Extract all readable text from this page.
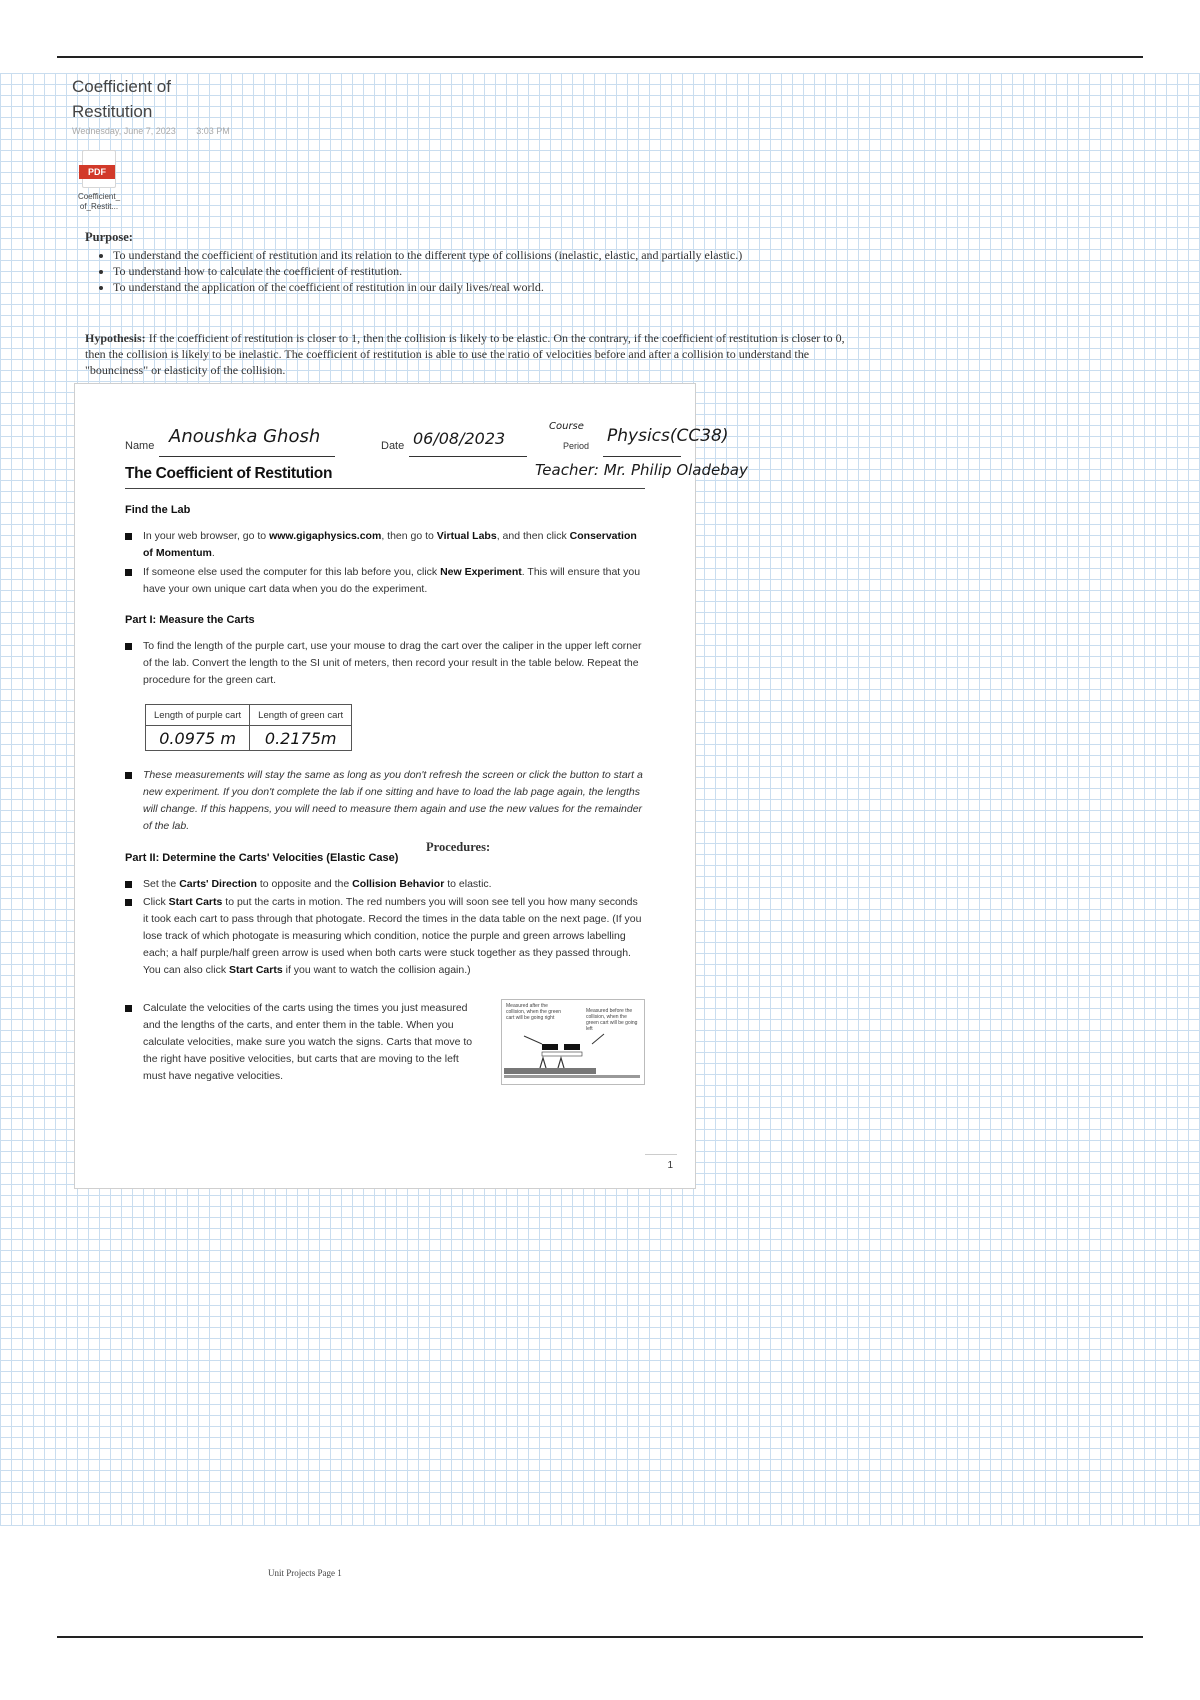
Coefficient of
Restitution
Wednesday, June 7, 2023 3:03 PM
PDF
Coefficient_
of_Restit...
Purpose:
• To understand the coefficient of restitution and its relation to the different type of collisions (inelastic, elastic, and partially elastic.)
• To understand how to calculate the coefficient of restitution.
• To understand the application of the coefficient of restitution in our daily lives/real world.
Hypothesis: If the coefficient of restitution is closer to 1, then the collision is likely to be elastic. On the contrary, if the coefficient of restitution is closer to 0, then the collision is likely to be inelastic. The coefficient of restitution is able to use the ratio of velocities before and after a collision to understand the "bounciness" or elasticity of the collision.
Name Anoushka Ghosh	Date 06/08/2023
Course
Period Physics(CC38)
The Coefficient of Restitution	Teacher: Mr. Philip Oladebay
Find the Lab
In your web browser, go to www.gigaphysics.com, then go to Virtual Labs, and then click Conservation of Momentum.
If someone else used the computer for this lab before you, click New Experiment. This will ensure that you have your own unique cart data when you do the experiment.
Part I: Measure the Carts
To find the length of the purple cart, use your mouse to drag the cart over the caliper in the upper left corner of the lab. Convert the length to the SI unit of meters, then record your result in the table below. Repeat the procedure for the green cart.
Length of purple cart	Length of green cart
0.0975 m	0.2175m
These measurements will stay the same as long as you don't refresh the screen or click the button to start a new experiment. If you don't complete the lab if one sitting and have to load the lab page again, the lengths will change. If this happens, you will need to measure them again and use the new values for the remainder of the lab.
Part II: Determine the Carts' Velocities (Elastic Case)
Set the Carts' Direction to opposite and the Collision Behavior to elastic.
Click Start Carts to put the carts in motion. The red numbers you will soon see tell you how many seconds it took each cart to pass through that photogate. Record the times in the data table on the next page. (If you lose track of which photogate is measuring which condition, notice the purple and green arrows labelling each; a half purple/half green arrow is used when both carts were stuck together as they passed through. You can also click Start Carts if you want to watch the collision again.)
Calculate the velocities of the carts using the times you just measured and the lengths of the carts, and enter them in the table. When you calculate velocities, make sure you watch the signs. Carts that move to the right have positive velocities, but carts that are moving to the left must have negative velocities.
Measured after the collision, when the green cart will be going right
Measured before the collision, when the green cart will be going left
1
Procedures:
Unit Projects Page 1
